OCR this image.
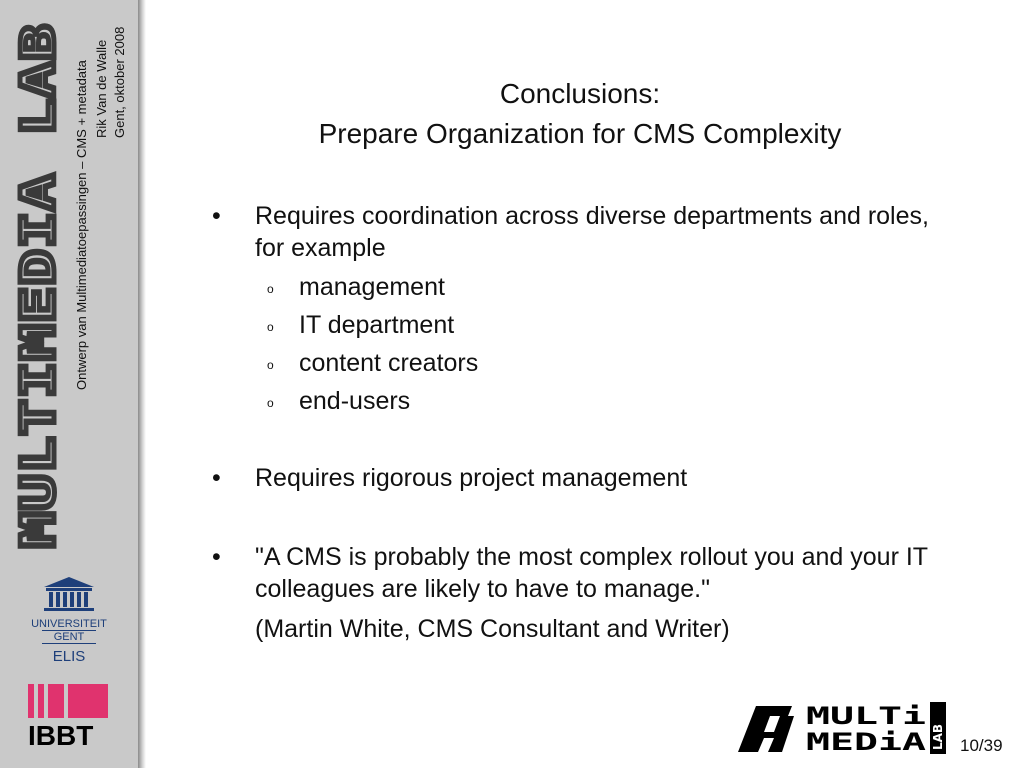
MULTIMEDIA LAB Ontwerp van Multimediatoepassingen – CMS + metadata Rik Van de Walle Gent, oktober 2008
UNIVERSITEIT
GENT
ELIS
IBBT
Conclusions:
Prepare Organization for CMS Complexity
• Requires coordination across diverse departments and roles, for example
o management
o IT department
o content creators
o end-users
• Requires rigorous project management
• "A CMS is probably the most complex rollout you and your IT colleagues are likely to have to manage."
(Martin White, CMS Consultant and Writer)
MULTi
MEDiA LAB 10/39
